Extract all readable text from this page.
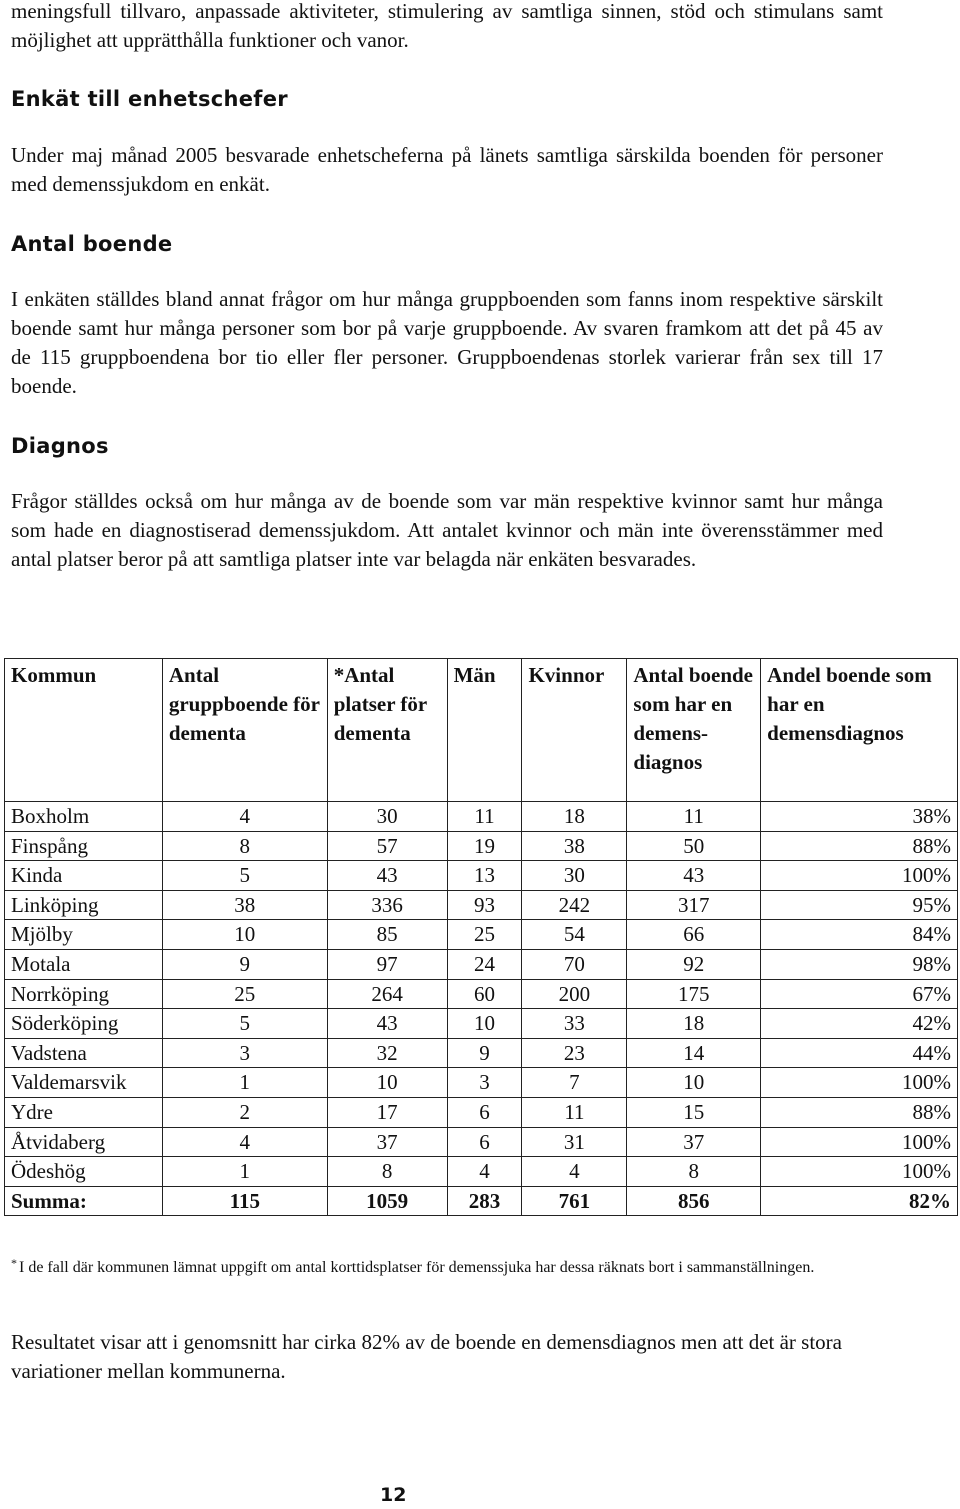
meningsfull tillvaro, anpassade aktiviteter, stimulering av samtliga sinnen, stöd och stimulans samt möjlighet att upprätthålla funktioner och vanor.

Enkät till enhetschefer

Under maj månad 2005 besvarade enhetscheferna på länets samtliga särskilda boenden för personer med demenssjukdom en enkät.

Antal boende

I enkäten ställdes bland annat frågor om hur många gruppboenden som fanns inom respektive särskilt boende samt hur många personer som bor på varje gruppboende. Av svaren framkom att det på 45 av de 115 gruppboendena bor tio eller fler personer. Gruppboendenas storlek varierar från sex till 17 boende.

Diagnos

Frågor ställdes också om hur många av de boende som var män respektive kvinnor samt hur många som hade en diagnostiserad demenssjukdom. Att antalet kvinnor och män inte överensstämmer med antal platser beror på att samtliga platser inte var belagda när enkäten besvarades.

Kommun	Antal gruppboende för dementa	*Antal platser för dementa	Män	Kvinnor	Antal boende som har en demens-diagnos	Andel boende som har en demensdiagnos
Boxholm	4	30	11	18	11	38%
Finspång	8	57	19	38	50	88%
Kinda	5	43	13	30	43	100%
Linköping	38	336	93	242	317	95%
Mjölby	10	85	25	54	66	84%
Motala	9	97	24	70	92	98%
Norrköping	25	264	60	200	175	67%
Söderköping	5	43	10	33	18	42%
Vadstena	3	32	9	23	14	44%
Valdemarsvik	1	10	3	7	10	100%
Ydre	2	17	6	11	15	88%
Åtvidaberg	4	37	6	31	37	100%
Ödeshög	1	8	4	4	8	100%
Summa:	115	1059	283	761	856	82%

* I de fall där kommunen lämnat uppgift om antal korttidsplatser för demenssjuka har dessa räknats bort i sammanställningen.

Resultatet visar att i genomsnitt har cirka 82% av de boende en demensdiagnos men att det är stora variationer mellan kommunerna.

12
